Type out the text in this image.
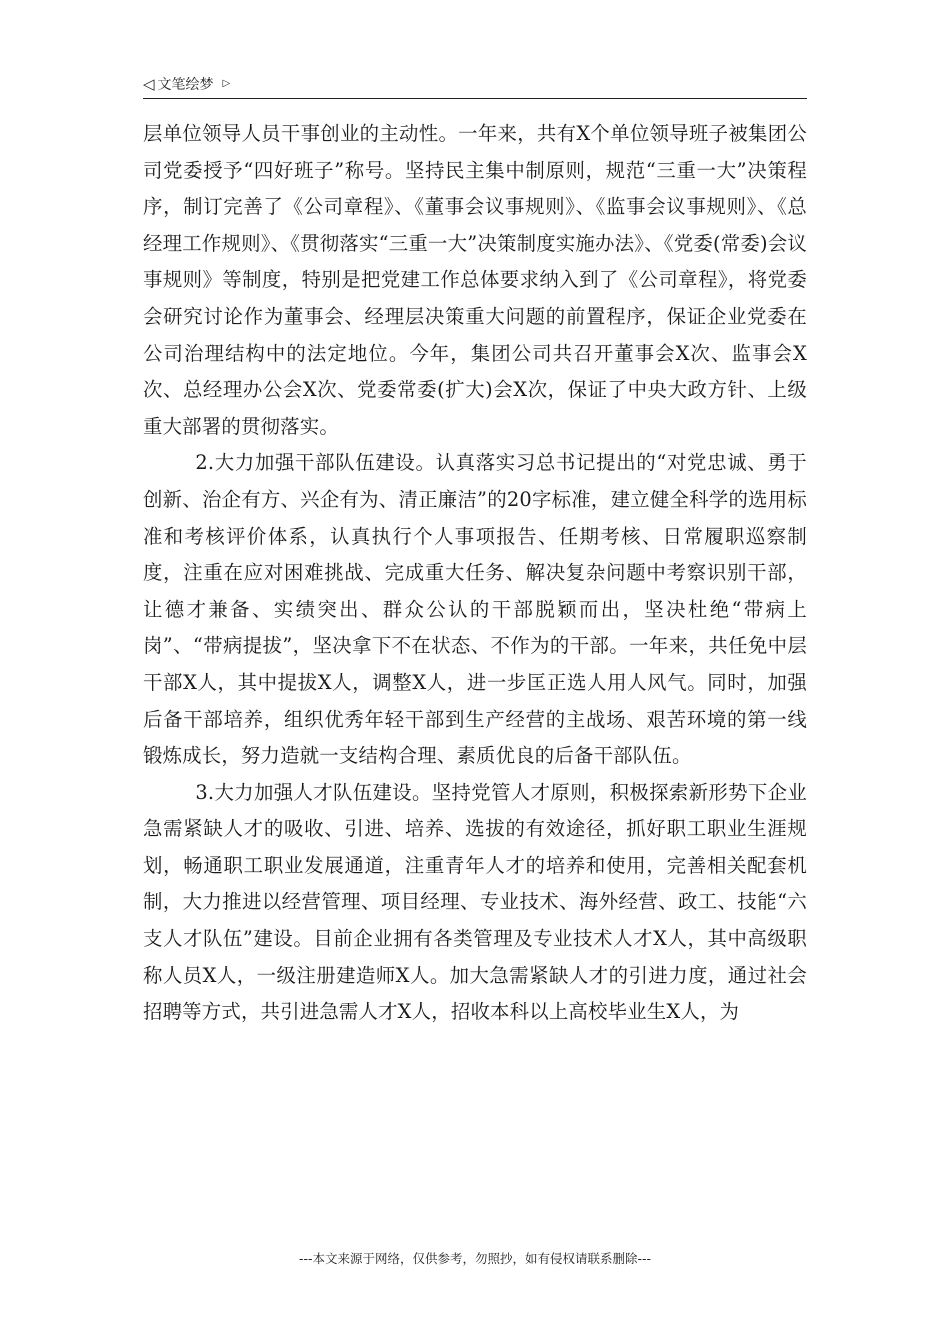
◁ 文笔绘梦 ▷

层单位领导人员干事创业的主动性。一年来，共有X个单位领导班子被集团公司党委授予“四好班子”称号。坚持民主集中制原则，规范“三重一大”决策程序，制订完善了《公司章程》、《董事会议事规则》、《监事会议事规则》、《总经理工作规则》、《贯彻落实“三重一大”决策制度实施办法》、《党委(常委)会议事规则》等制度，特别是把党建工作总体要求纳入到了《公司章程》，将党委会研究讨论作为董事会、经理层决策重大问题的前置程序，保证企业党委在公司治理结构中的法定地位。今年，集团公司共召开董事会X次、监事会X次、总经理办公会X次、党委常委(扩大)会X次，保证了中央大政方针、上级重大部署的贯彻落实。

2.大力加强干部队伍建设。认真落实习总书记提出的“对党忠诚、勇于创新、治企有方、兴企有为、清正廉洁”的20字标准，建立健全科学的选用标准和考核评价体系，认真执行个人事项报告、任期考核、日常履职巡察制度，注重在应对困难挑战、完成重大任务、解决复杂问题中考察识别干部，让德才兼备、实绩突出、群众公认的干部脱颖而出，坚决杜绝“带病上岗”、“带病提拔”，坚决拿下不在状态、不作为的干部。一年来，共任免中层干部X人，其中提拔X人，调整X人，进一步匡正选人用人风气。同时，加强后备干部培养，组织优秀年轻干部到生产经营的主战场、艰苦环境的第一线锻炼成长，努力造就一支结构合理、素质优良的后备干部队伍。

3.大力加强人才队伍建设。坚持党管人才原则，积极探索新形势下企业急需紧缺人才的吸收、引进、培养、选拔的有效途径，抓好职工职业生涯规划，畅通职工职业发展通道，注重青年人才的培养和使用，完善相关配套机制，大力推进以经营管理、项目经理、专业技术、海外经营、政工、技能“六支人才队伍”建设。目前企业拥有各类管理及专业技术人才X人，其中高级职称人员X人，一级注册建造师X人。加大急需紧缺人才的引进力度，通过社会招聘等方式，共引进急需人才X人，招收本科以上高校毕业生X人，为

---本文来源于网络，仅供参考，勿照抄，如有侵权请联系删除---
